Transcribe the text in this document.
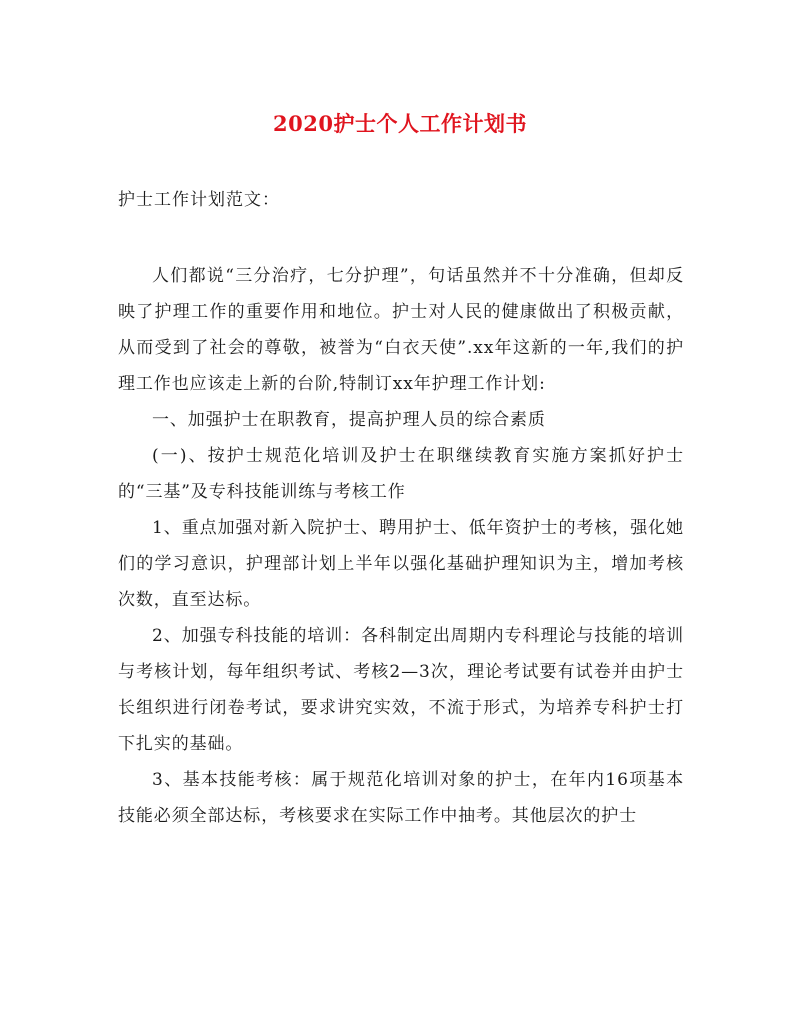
2020护士个人工作计划书
护士工作计划范文：

人们都说“三分治疗，七分护理”，句话虽然并不十分准确，但却反映了护理工作的重要作用和地位。护士对人民的健康做出了积极贡献，从而受到了社会的尊敬，被誉为“白衣天使”.xx年这新的一年,我们的护理工作也应该走上新的台阶,特制订xx年护理工作计划:

一、加强护士在职教育，提高护理人员的综合素质

(一)、按护士规范化培训及护士在职继续教育实施方案抓好护士的“三基”及专科技能训练与考核工作

1、重点加强对新入院护士、聘用护士、低年资护士的考核，强化她们的学习意识，护理部计划上半年以强化基础护理知识为主，增加考核次数，直至达标。

2、加强专科技能的培训：各科制定出周期内专科理论与技能的培训与考核计划，每年组织考试、考核2—3次，理论考试要有试卷并由护士长组织进行闭卷考试，要求讲究实效，不流于形式，为培养专科护士打下扎实的基础。

3、基本技能考核：属于规范化培训对象的护士，在年内16项基本技能必须全部达标，考核要求在实际工作中抽考。其他层次的护士
